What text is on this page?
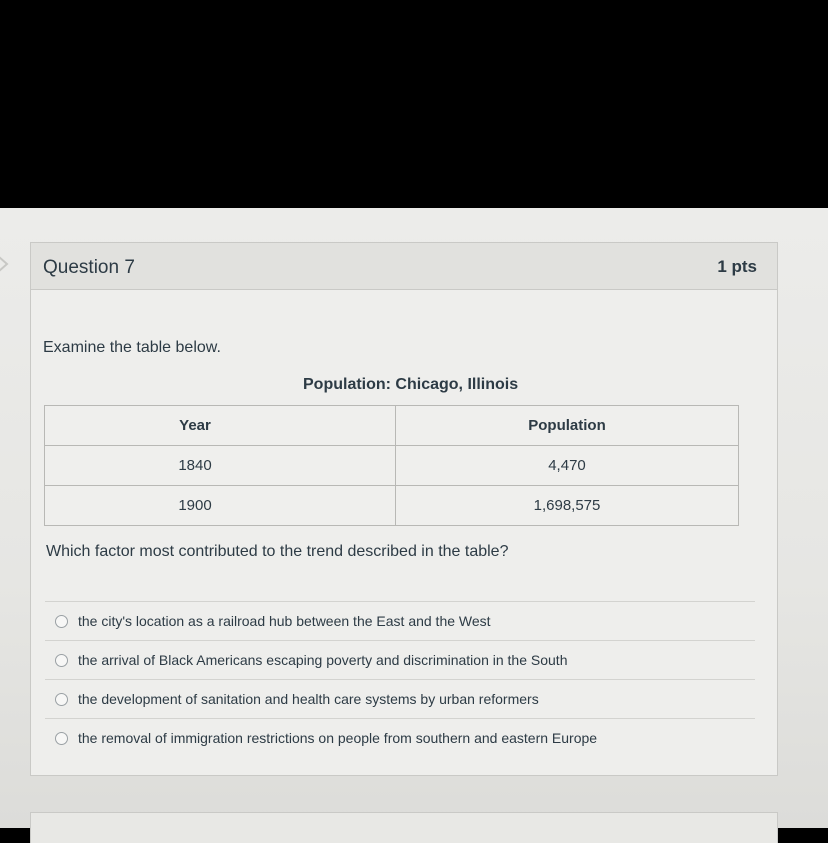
Question 7	1 pts
Examine the table below.
Population: Chicago, Illinois
Year	Population
1840	4,470
1900	1,698,575
Which factor most contributed to the trend described in the table?
the city's location as a railroad hub between the East and the West
the arrival of Black Americans escaping poverty and discrimination in the South
the development of sanitation and health care systems by urban reformers
the removal of immigration restrictions on people from southern and eastern Europe
